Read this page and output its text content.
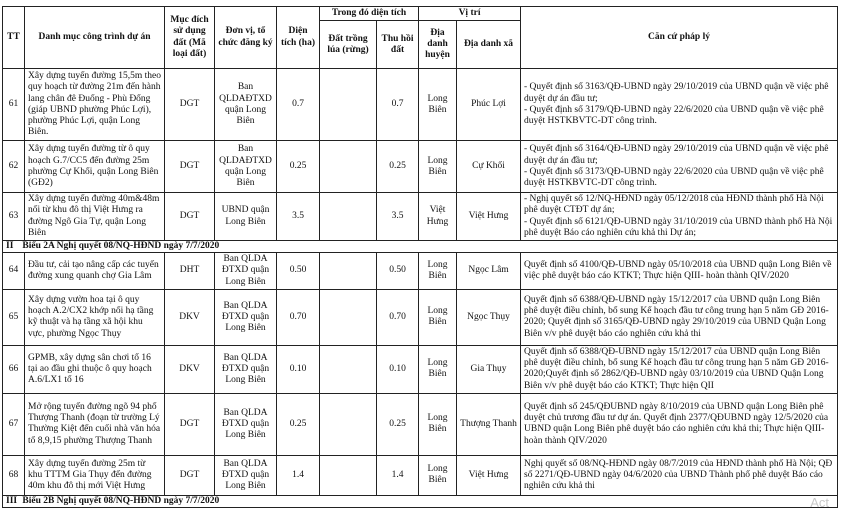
TT	Danh mục công trình dự án	Mục đích sử dụng đất (Mã loại đất)	Đơn vị, tổ chức đăng ký	Diện tích (ha)	Trong đó diện tích		Vị trí		Căn cứ pháp lý
					Đất trồng lúa (rừng)	Thu hồi đất	Địa danh huyện	Địa danh xã	
61	Xây dựng tuyến đường 15,5m theo quy hoạch từ đường 21m đến hành lang chân đê Đuống - Phù Đổng (giáp UBND phường Phúc Lợi), phường Phúc Lợi, quận Long Biên.	DGT	Ban QLDAĐTXD quận Long Biên	0.7		0.7	Long Biên	Phúc Lợi	- Quyết định số 3163/QĐ-UBND ngày 29/10/2019 của UBND quận về việc phê duyệt dự án đầu tư;
- Quyết định số 3179/QĐ-UBND ngày 22/6/2020 của UBND quận về việc phê duyệt HSTKBVTC-DT công trình.
62	Xây dựng tuyến đường từ ô quy hoạch G.7/CC5 đến đường 25m phường Cự Khối, quận Long Biên (GĐ2)	DGT	Ban QLDAĐTXD quận Long Biên	0.25		0.25	Long Biên	Cự Khối	- Quyết định số 3164/QĐ-UBND ngày 29/10/2019 của UBND quận về việc phê duyệt dự án đầu tư;
- Quyết định số 3173/QĐ-UBND ngày 22/6/2020 của UBND quận về việc phê duyệt HSTKBVTC-DT công trình.
63	Xây dựng tuyến đường 40m&48m nối từ khu đô thị Việt Hưng ra đường Ngô Gia Tự, quận Long Biên	DGT	UBND quận Long Biên	3.5		3.5	Việt Hưng	Việt Hưng	- Nghị quyết số 12/NQ-HĐND ngày 05/12/2018 của HĐND thành phố Hà Nội phê duyệt CTĐT dự án;
- Quyết định số 6121/QĐ-UBND ngày 31/10/2019 của UBND thành phố Hà Nội phê duyệt Báo cáo nghiên cứu khả thi Dự án;
II Biểu 2A Nghị quyết 08/NQ-HĐND ngày 7/7/2020									
64	Đầu tư, cải tạo nâng cấp các tuyến đường xung quanh chợ Gia Lâm	DHT	Ban QLDA ĐTXD quận Long Biên	0.50		0.50	Long Biên	Ngọc Lâm	Quyết định số 4100/QĐ-UBND ngày 05/10/2018 của UBND quận Long Biên về việc phê duyệt báo cáo KTKT; Thực hiện QIII- hoàn thành QIV/2020
65	Xây dựng vườn hoa tại ô quy hoạch A.2/CX2 khớp nối hạ tầng kỹ thuật và hạ tầng xã hội khu vực, phường Ngọc Thụy	DKV	Ban QLDA ĐTXD quận Long Biên	0.70		0.70	Long Biên	Ngọc Thụy	Quyết định số 6388/QĐ-UBND ngày 15/12/2017 của UBND quận Long Biên phê duyệt điều chỉnh, bổ sung Kế hoạch đầu tư công trung hạn 5 năm GĐ 2016-2020; Quyết định số 3165/QĐ-UBND ngày 29/10/2019 của UBND Quận Long Biên v/v phê duyệt báo cáo nghiên cứu khả thi
66	GPMB, xây dựng sân chơi tổ 16 tại ao đầu ghi thuộc ô quy hoạch A.6/LX1 tổ 16	DKV	Ban QLDA ĐTXD quận Long Biên	0.10		0.10	Long Biên	Gia Thụy	Quyết định số 6388/QĐ-UBND ngày 15/12/2017 của UBND quận Long Biên phê duyệt điều chỉnh, bổ sung Kế hoạch đầu tư công trung hạn 5 năm GĐ 2016-2020;Quyết định số 2862/QĐ-UBND ngày 03/10/2019 của UBND Quận Long Biên v/v phê duyệt báo cáo KTKT; Thực hiện QII
67	Mở rộng tuyến đường ngõ 94 phố Thượng Thanh (đoạn từ trường Lý Thường Kiệt đến cuối nhà văn hóa tổ 8,9,15 phường Thượng Thanh	DGT	Ban QLDA ĐTXD quận Long Biên	0.25		0.25	Long Biên	Thượng Thanh	Quyết định số 245/QĐUBND ngày 8/10/2019 của UBND quận Long Biên phê duyệt chủ trương đầu tư dự án. Quyết định 2377/QĐUBND ngày 12/5/2020 của UBND quận Long Biên phê duyệt báo cáo nghiên cứu khả thi; Thực hiện QIII- hoàn thành QIV/2020
68	Xây dựng tuyến đường 25m từ khu TTTM Gia Thụy đến đường 40m khu đô thị mới Việt Hưng	DGT	Ban QLDA ĐTXD quận Long Biên	1.4		1.4	Long Biên	Việt Hưng	Nghị quyết số 08/NQ-HĐND ngày 08/7/2019 của HĐND thành phố Hà Nội; QĐ số 2271/QĐ-UBND ngày 04/6/2020 của UBND Thành phố phê duyệt Báo cáo nghiên cứu khả thi
III Biểu 2B Nghị quyết 08/NQ-HĐND ngày 7/7/2020										Act
